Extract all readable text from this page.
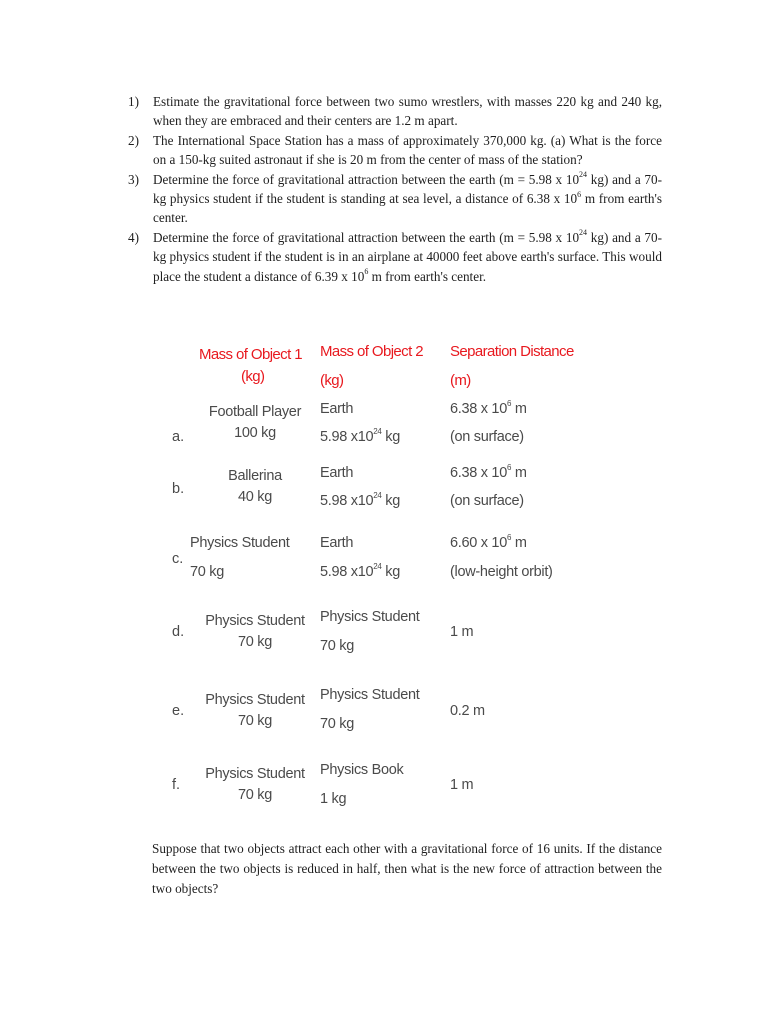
1) Estimate the gravitational force between two sumo wrestlers, with masses 220 kg and 240 kg, when they are embraced and their centers are 1.2 m apart.
2) The International Space Station has a mass of approximately 370,000 kg. (a) What is the force on a 150-kg suited astronaut if she is 20 m from the center of mass of the station?
3) Determine the force of gravitational attraction between the earth (m = 5.98 x $10^{24}$ kg) and a 70-kg physics student if the student is standing at sea level, a distance of 6.38 x $10^6$ m from earth's center.
4) Determine the force of gravitational attraction between the earth (m = 5.98 x $10^{24}$ kg) and a 70-kg physics student if the student is in an airplane at 40000 feet above earth's surface. This would place the student a distance of 6.39 x $10^6$ m from earth's center.
Mass of Object 1
(kg)
Mass of Object 2
(kg)
Separation Distance
(m)
a.
Football Player
100 kg
Earth
5.98 $x10^{24}$ kg
6.38 x $10^6$ m
(on surface)
b.
Ballerina
40 kg
Earth
5.98 $x10^{24}$ kg
6.38 x $10^6$ m
(on surface)
c.
Physics Student
70 kg
Earth
5.98 $x10^{24}$ kg
6.60 x $10^6$ m
(low-height orbit)
d.
Physics Student
70 kg
Physics Student
70 kg
1 m
e.
Physics Student
70 kg
Physics Student
70 kg
0.2 m
f.
Physics Student
70 kg
Physics Book
1 kg
1 m

Suppose that two objects attract each other with a gravitational force of 16 units. If the distance between the two objects is reduced in half, then what is the new force of attraction between the two objects?
